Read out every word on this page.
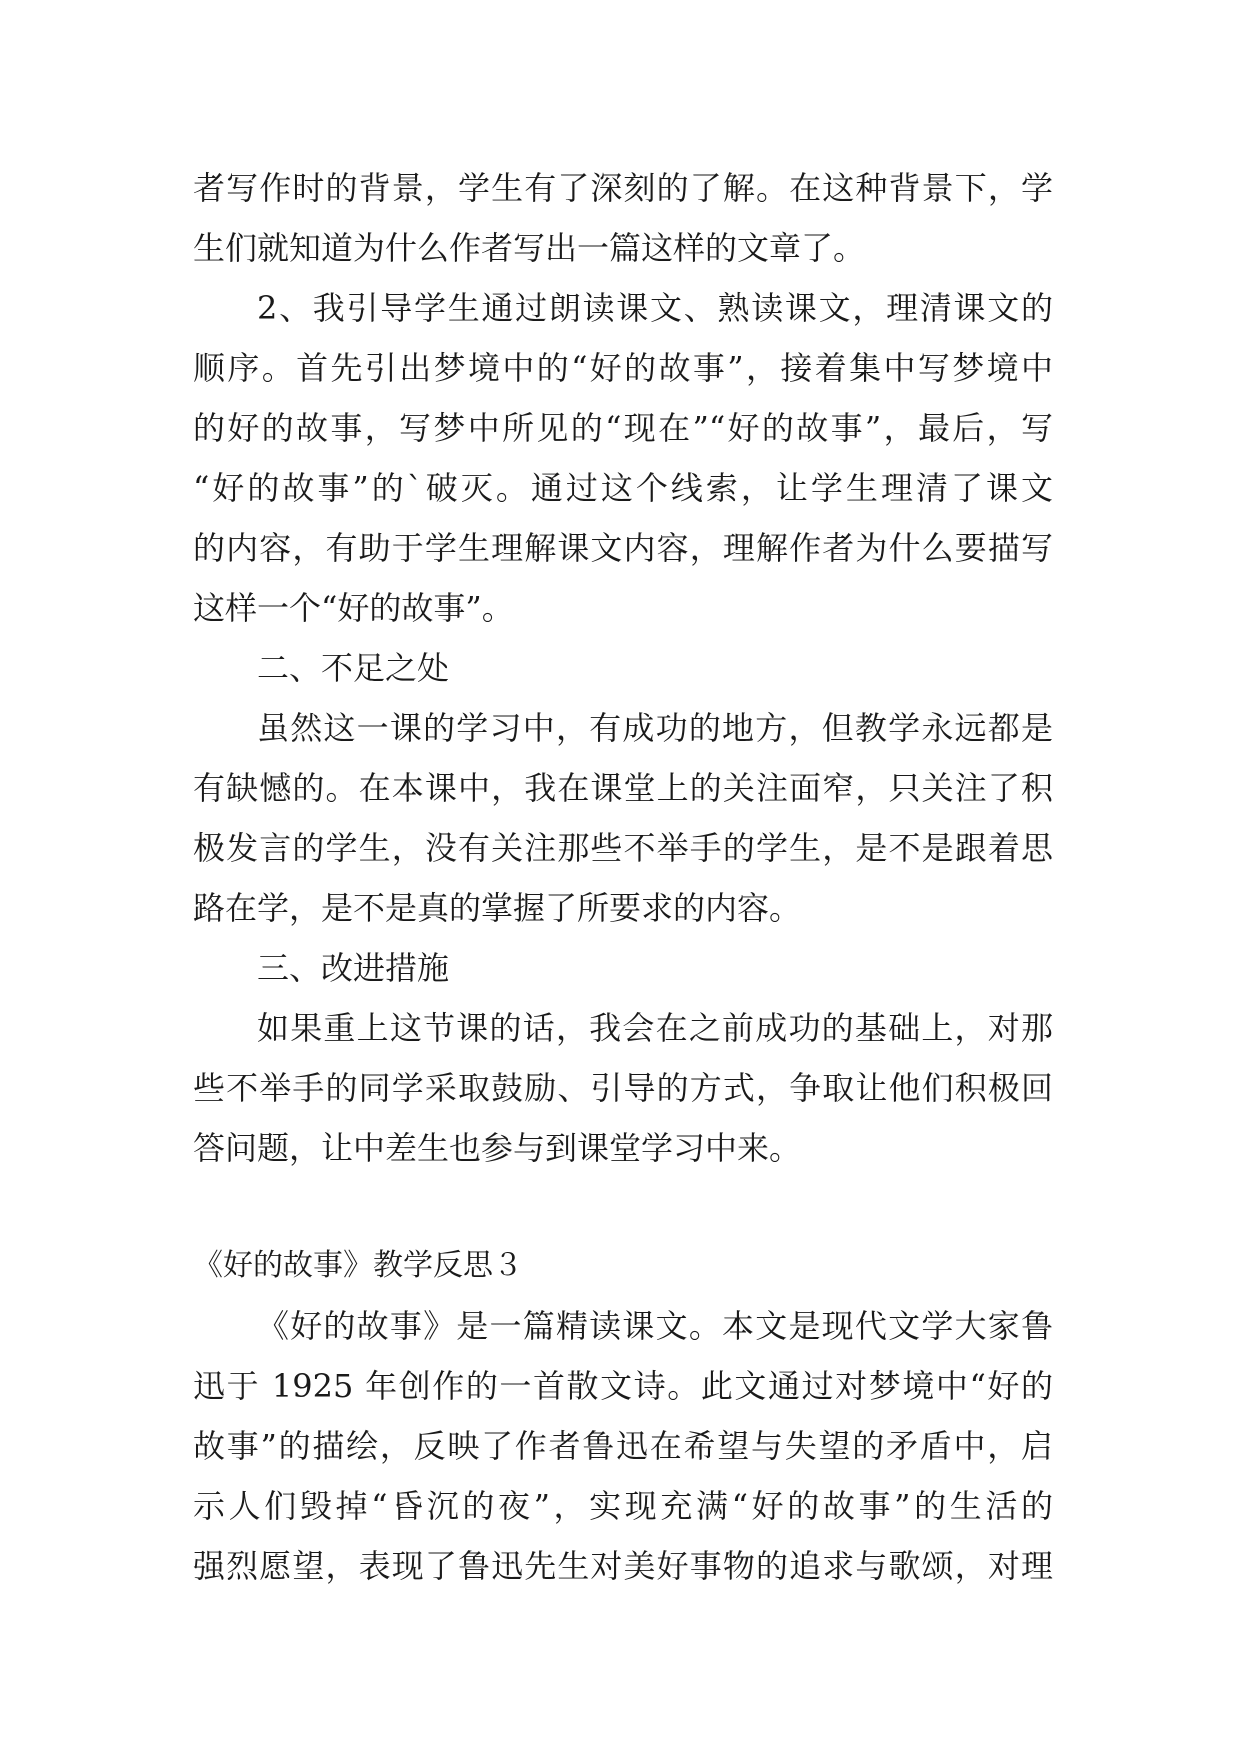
者写作时的背景，学生有了深刻的了解。在这种背景下，学
生们就知道为什么作者写出一篇这样的文章了。
2、我引导学生通过朗读课文、熟读课文，理清课文的
顺序。首先引出梦境中的“好的故事”，接着集中写梦境中
的好的故事，写梦中所见的“现在”“好的故事”，最后，写
“好的故事”的`破灭。通过这个线索，让学生理清了课文
的内容，有助于学生理解课文内容，理解作者为什么要描写
这样一个“好的故事”。
二、不足之处
虽然这一课的学习中，有成功的地方，但教学永远都是
有缺憾的。在本课中，我在课堂上的关注面窄，只关注了积
极发言的学生，没有关注那些不举手的学生，是不是跟着思
路在学，是不是真的掌握了所要求的内容。
三、改进措施
如果重上这节课的话，我会在之前成功的基础上，对那
些不举手的同学采取鼓励、引导的方式，争取让他们积极回
答问题，让中差生也参与到课堂学习中来。
《好的故事》教学反思３
《好的故事》是一篇精读课文。本文是现代文学大家鲁
迅于 1925 年创作的一首散文诗。此文通过对梦境中“好的
故事”的描绘，反映了作者鲁迅在希望与失望的矛盾中，启
示人们毁掉“昏沉的夜”，实现充满“好的故事”的生活的
强烈愿望，表现了鲁迅先生对美好事物的追求与歌颂，对理
